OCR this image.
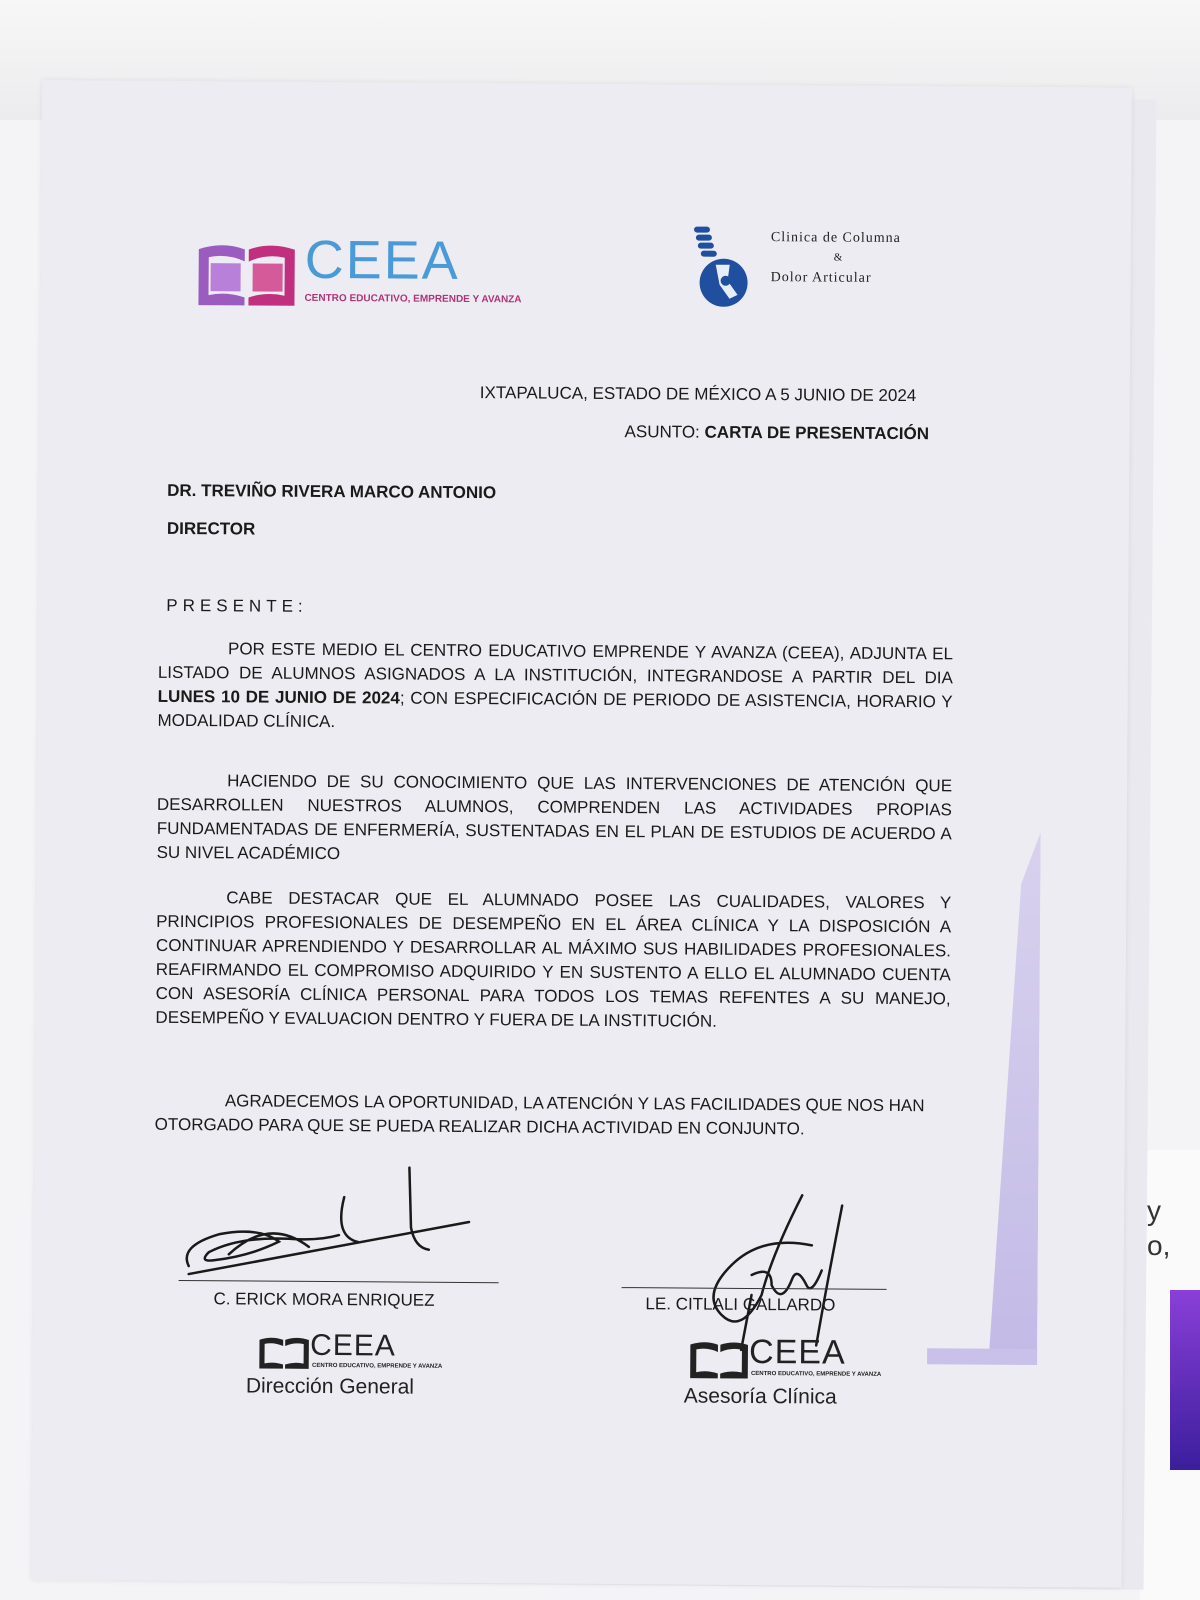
y
o,
CEEA
CENTRO EDUCATIVO, EMPRENDE Y AVANZA
Clinica de Columna
&
Dolor Articular
IXTAPALUCA, ESTADO DE MÉXICO A 5 JUNIO DE 2024
ASUNTO: CARTA DE PRESENTACIÓN
DR. TREVIÑO RIVERA MARCO ANTONIO
DIRECTOR
PRESENTE:
POR ESTE MEDIO EL CENTRO EDUCATIVO EMPRENDE Y AVANZA (CEEA), ADJUNTA EL LISTADO DE ALUMNOS ASIGNADOS A LA INSTITUCIÓN, INTEGRANDOSE A PARTIR DEL DIA LUNES 10 DE JUNIO DE 2024; CON ESPECIFICACIÓN DE PERIODO DE ASISTENCIA, HORARIO Y MODALIDAD CLÍNICA.
HACIENDO DE SU CONOCIMIENTO QUE LAS INTERVENCIONES DE ATENCIÓN QUE DESARROLLEN NUESTROS ALUMNOS, COMPRENDEN LAS ACTIVIDADES PROPIAS FUNDAMENTADAS DE ENFERMERÍA, SUSTENTADAS EN EL PLAN DE ESTUDIOS DE ACUERDO A SU NIVEL ACADÉMICO
CABE DESTACAR QUE EL ALUMNADO POSEE LAS CUALIDADES, VALORES Y PRINCIPIOS PROFESIONALES DE DESEMPEÑO EN EL ÁREA CLÍNICA Y LA DISPOSICIÓN A CONTINUAR APRENDIENDO Y DESARROLLAR AL MÁXIMO SUS HABILIDADES PROFESIONALES. REAFIRMANDO EL COMPROMISO ADQUIRIDO Y EN SUSTENTO A ELLO EL ALUMNADO CUENTA CON ASESORÍA CLÍNICA PERSONAL PARA TODOS LOS TEMAS REFENTES A SU MANEJO, DESEMPEÑO Y EVALUACION DENTRO Y FUERA DE LA INSTITUCIÓN.
AGRADECEMOS LA OPORTUNIDAD, LA ATENCIÓN Y LAS FACILIDADES QUE NOS HAN OTORGADO PARA QUE SE PUEDA REALIZAR DICHA ACTIVIDAD EN CONJUNTO.
C. ERICK MORA ENRIQUEZ
CEEA
CENTRO EDUCATIVO, EMPRENDE Y AVANZA
Dirección General
LE. CITLALI GALLARDO
CEEA
CENTRO EDUCATIVO, EMPRENDE Y AVANZA
Asesoría Clínica
